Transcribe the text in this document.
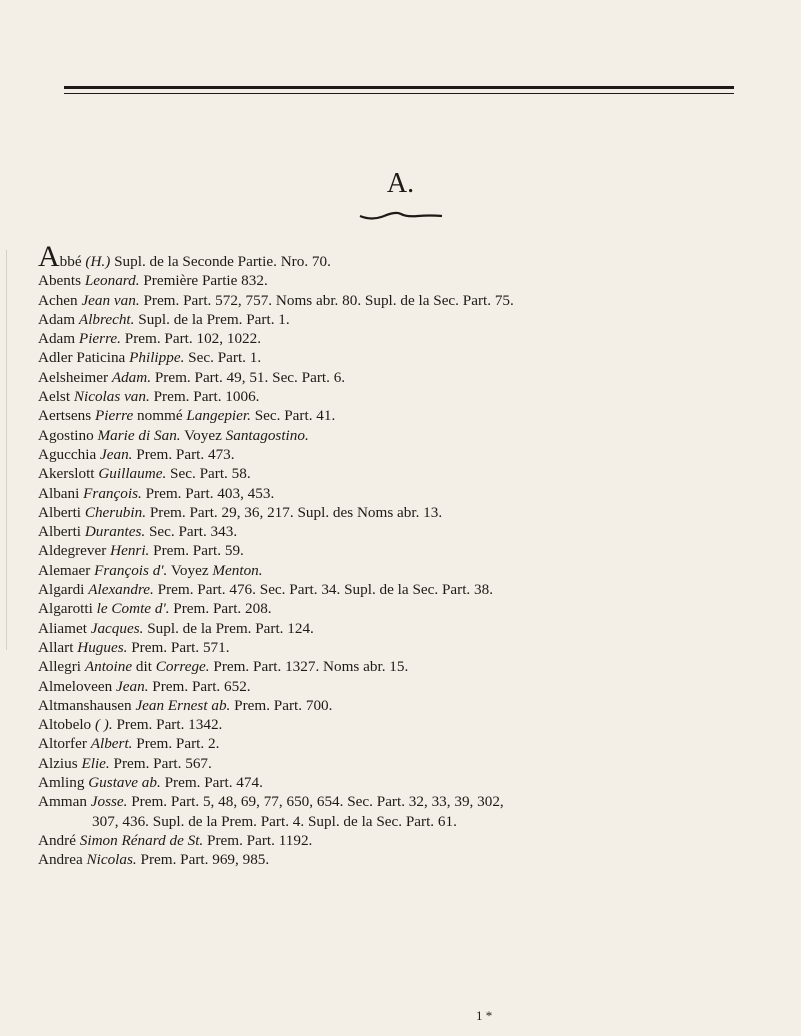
A.
Abbé (H.) Supl. de la Seconde Partie. Nro. 70.
Abents Leonard. Première Partie 832.
Achen Jean van. Prem. Part. 572, 757. Noms abr. 80. Supl. de la Sec. Part. 75.
Adam Albrecht. Supl. de la Prem. Part. 1.
Adam Pierre. Prem. Part. 102, 1022.
Adler Paticina Philippe. Sec. Part. 1.
Aelsheimer Adam. Prem. Part. 49, 51. Sec. Part. 6.
Aelst Nicolas van. Prem. Part. 1006.
Aertsens Pierre nommé Langepier. Sec. Part. 41.
Agostino Marie di San. Voyez Santagostino.
Agucchia Jean. Prem. Part. 473.
Akerslott Guillaume. Sec. Part. 58.
Albani François. Prem. Part. 403, 453.
Alberti Cherubin. Prem. Part. 29, 36, 217. Supl. des Noms abr. 13.
Alberti Durantes. Sec. Part. 343.
Aldegrever Henri. Prem. Part. 59.
Alemaer François d'. Voyez Menton.
Algardi Alexandre. Prem. Part. 476. Sec. Part. 34. Supl. de la Sec. Part. 38.
Algarotti le Comte d'. Prem. Part. 208.
Aliamet Jacques. Supl. de la Prem. Part. 124.
Allart Hugues. Prem. Part. 571.
Allegri Antoine dit Correge. Prem. Part. 1327. Noms abr. 15.
Almeloveen Jean. Prem. Part. 652.
Altmanshausen Jean Ernest ab. Prem. Part. 700.
Altobelo ( ). Prem. Part. 1342.
Altorfer Albert. Prem. Part. 2.
Alzius Elie. Prem. Part. 567.
Amling Gustave ab. Prem. Part. 474.
Amman Josse. Prem. Part. 5, 48, 69, 77, 650, 654. Sec. Part. 32, 33, 39, 302,
307, 436. Supl. de la Prem. Part. 4. Supl. de la Sec. Part. 61.
André Simon Rénard de St. Prem. Part. 1192.
Andrea Nicolas. Prem. Part. 969, 985.
1 *
